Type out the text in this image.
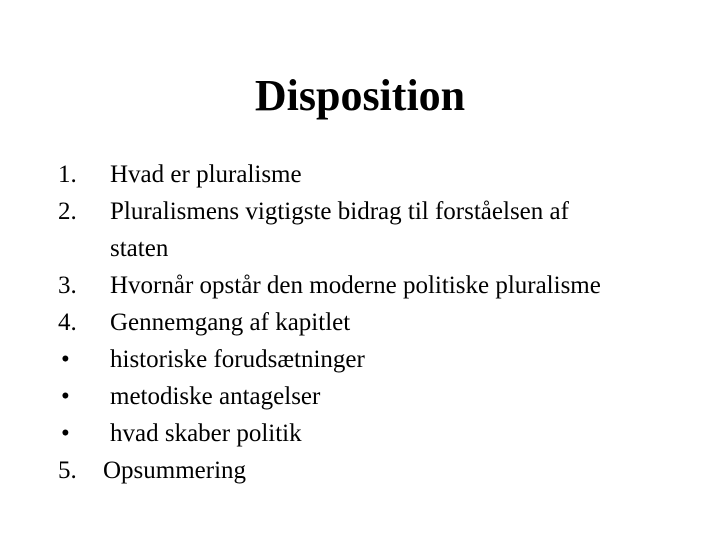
Disposition
1.	Hvad er pluralisme
2.	Pluralismens vigtigste bidrag til forståelsen af
staten
3.	Hvornår opstår den moderne politiske pluralisme
4.	Gennemgang af kapitlet
•	historiske forudsætninger
•	metodiske antagelser
•	hvad skaber politik
5.	Opsummering
